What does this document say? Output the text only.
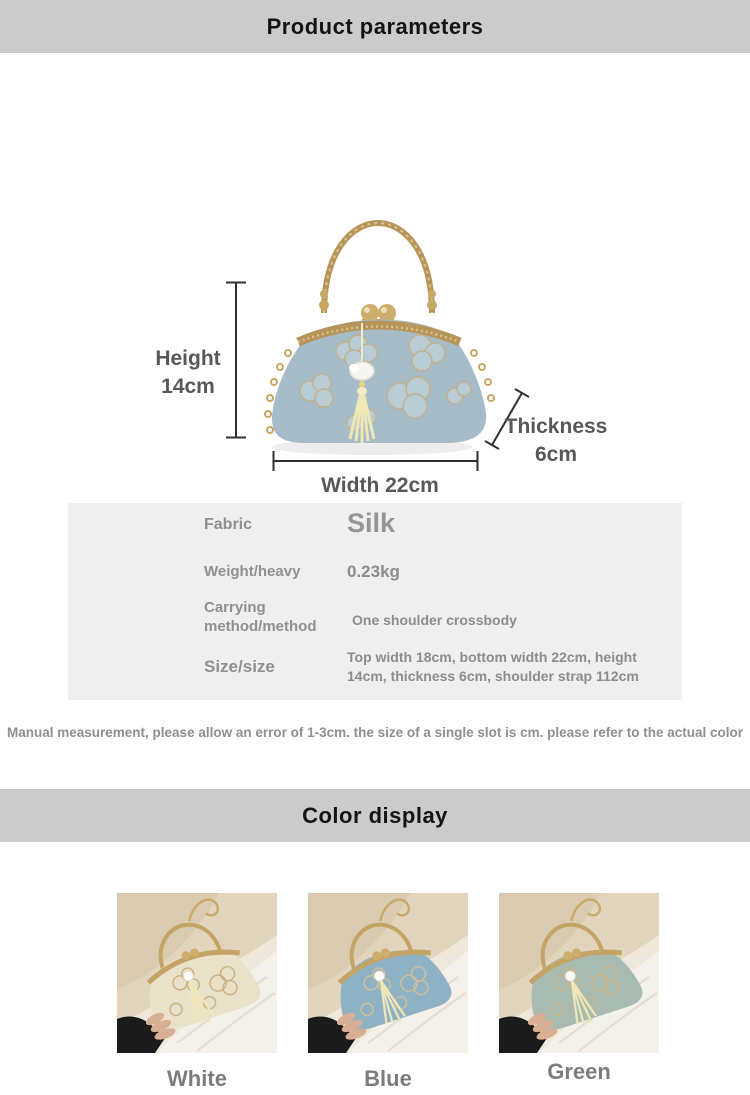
Product parameters
Height
14cm
Width 22cm
Thickness
6cm
Fabric	Silk
Weight/heavy	0.23kg
Carrying method/method	One shoulder crossbody
Size/size	Top width 18cm, bottom width 22cm, height 14cm, thickness 6cm, shoulder strap 112cm
Manual measurement, please allow an error of 1-3cm. the size of a single slot is cm. please refer to the actual color
Color display
White	Blue	Green
